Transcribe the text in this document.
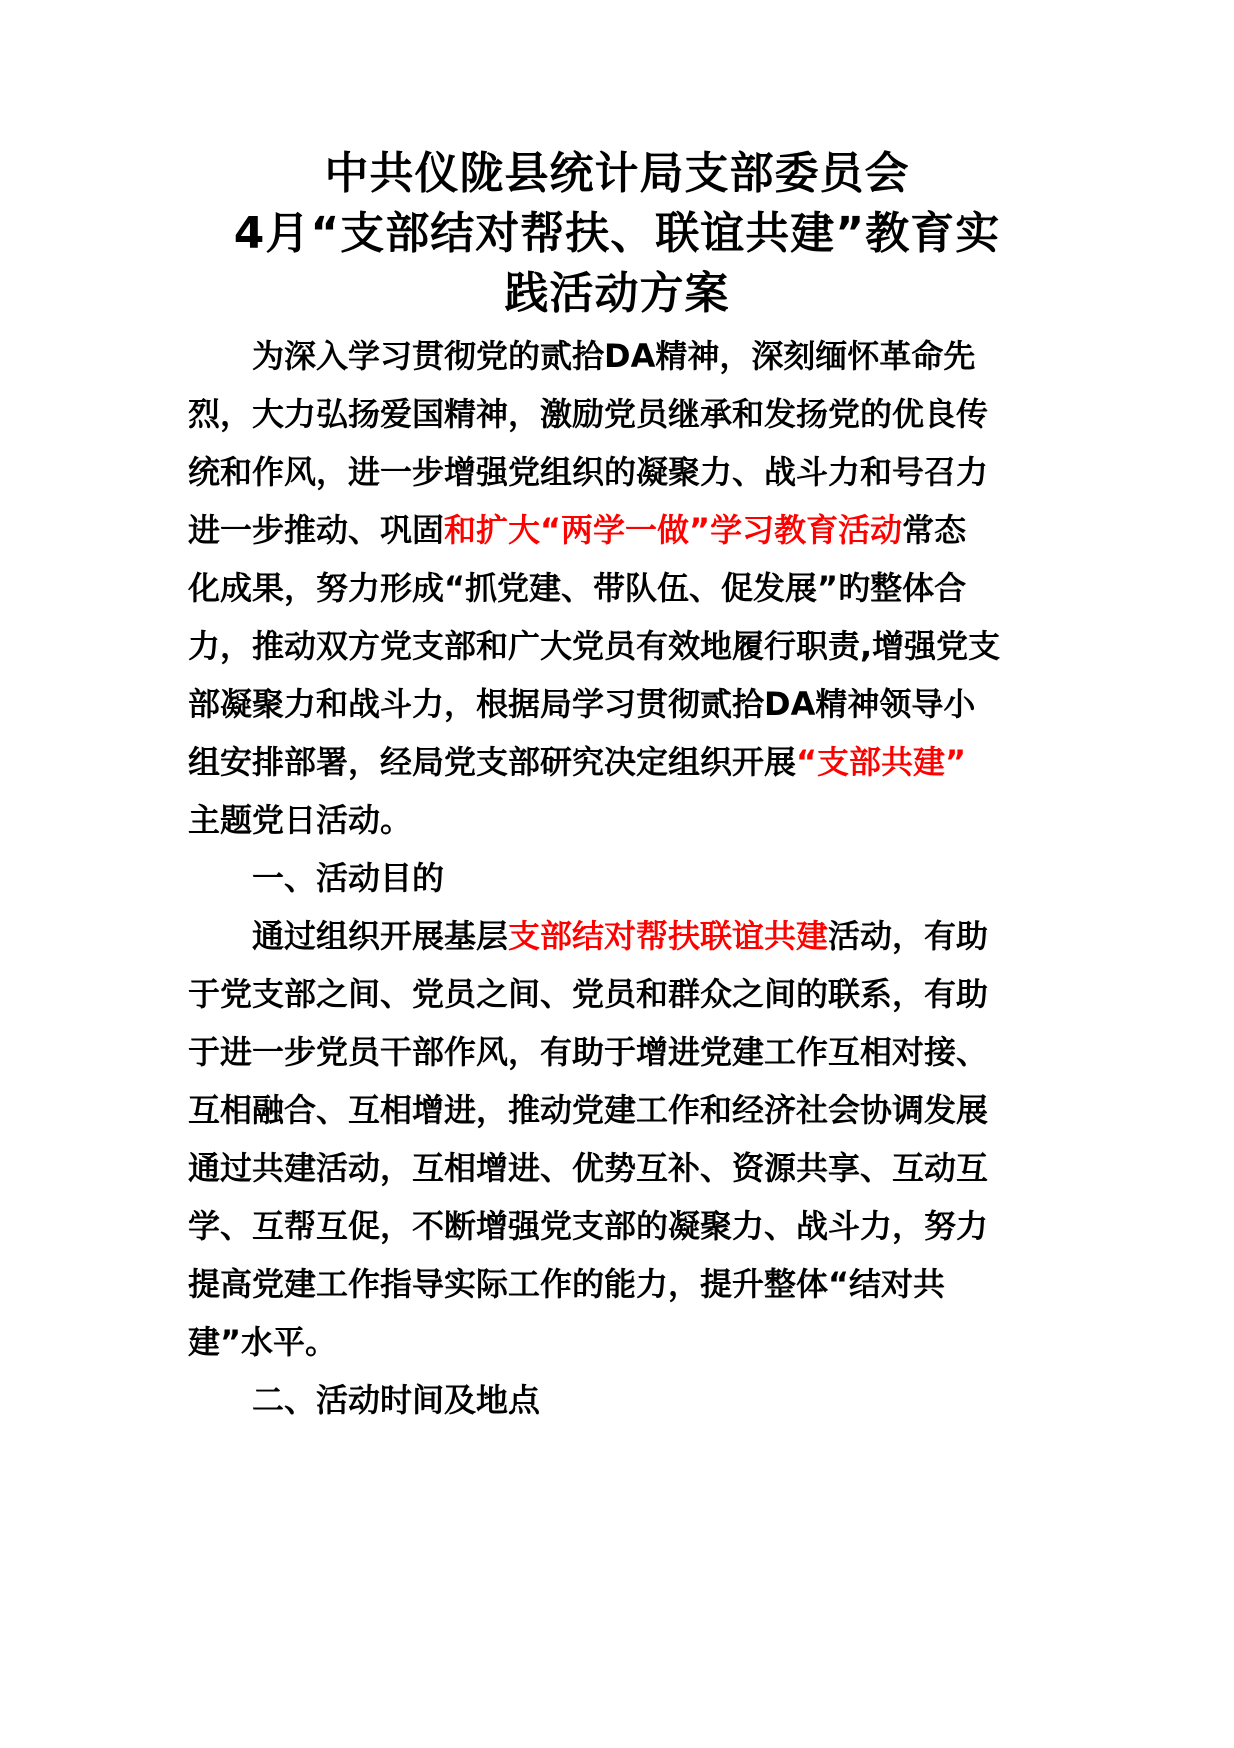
中共仪陇县统计局支部委员会
4月“支部结对帮扶、联谊共建”教育实
践活动方案
为深入学习贯彻党的贰拾DA精神，深刻缅怀革命先
烈，大力弘扬爱国精神，激励党员继承和发扬党的优良传
统和作风，进一步增强党组织的凝聚力、战斗力和号召力
进一步推动、巩固和扩大“两学一做”学习教育活动常态
化成果，努力形成“抓党建、带队伍、促发展”旳整体合
力，推动双方党支部和广大党员有效地履行职责,增强党支
部凝聚力和战斗力，根据局学习贯彻贰拾DA精神领导小
组安排部署，经局党支部研究决定组织开展“支部共建”
主题党日活动。
一、活动目的
通过组织开展基层支部结对帮扶联谊共建活动，有助
于党支部之间、党员之间、党员和群众之间的联系，有助
于进一步党员干部作风，有助于增进党建工作互相对接、
互相融合、互相增进，推动党建工作和经济社会协调发展
通过共建活动，互相增进、优势互补、资源共享、互动互
学、互帮互促，不断增强党支部的凝聚力、战斗力，努力
提高党建工作指导实际工作的能力，提升整体“结对共
建”水平。
二、活动时间及地点
